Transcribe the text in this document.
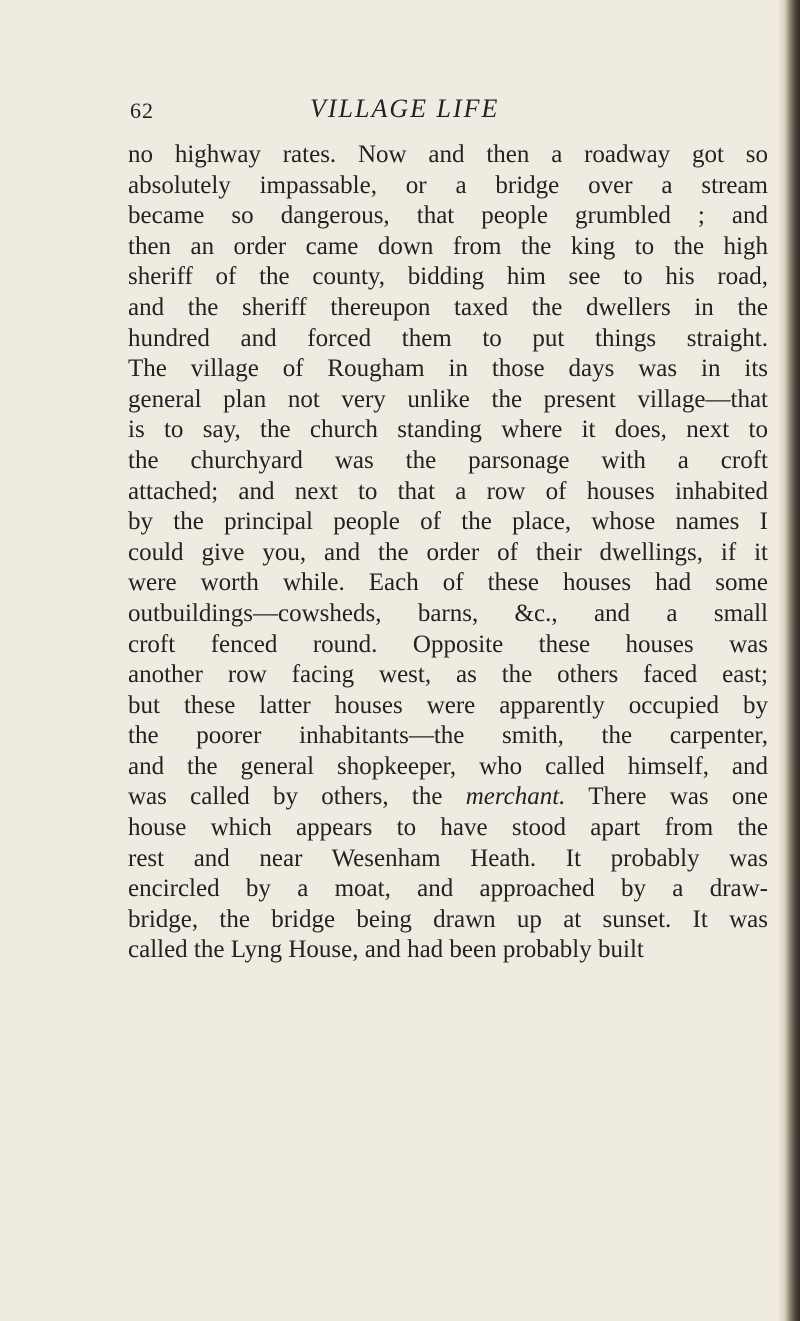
62	VILLAGE LIFE
no highway rates. Now and then a roadway got so
absolutely impassable, or a bridge over a stream
became so dangerous, that people grumbled ; and
then an order came down from the king to the high
sheriff of the county, bidding him see to his road,
and the sheriff thereupon taxed the dwellers in the
hundred and forced them to put things straight.
The village of Rougham in those days was in its
general plan not very unlike the present village—that
is to say, the church standing where it does, next to
the churchyard was the parsonage with a croft
attached; and next to that a row of houses inhabited
by the principal people of the place, whose names I
could give you, and the order of their dwellings, if it
were worth while. Each of these houses had some
outbuildings—cowsheds, barns, &c., and a small
croft fenced round. Opposite these houses was
another row facing west, as the others faced east;
but these latter houses were apparently occupied by
the poorer inhabitants—the smith, the carpenter,
and the general shopkeeper, who called himself, and
was called by others, the merchant. There was one
house which appears to have stood apart from the
rest and near Wesenham Heath. It probably was
encircled by a moat, and approached by a draw-
bridge, the bridge being drawn up at sunset. It was
called the Lyng House, and had been probably built
